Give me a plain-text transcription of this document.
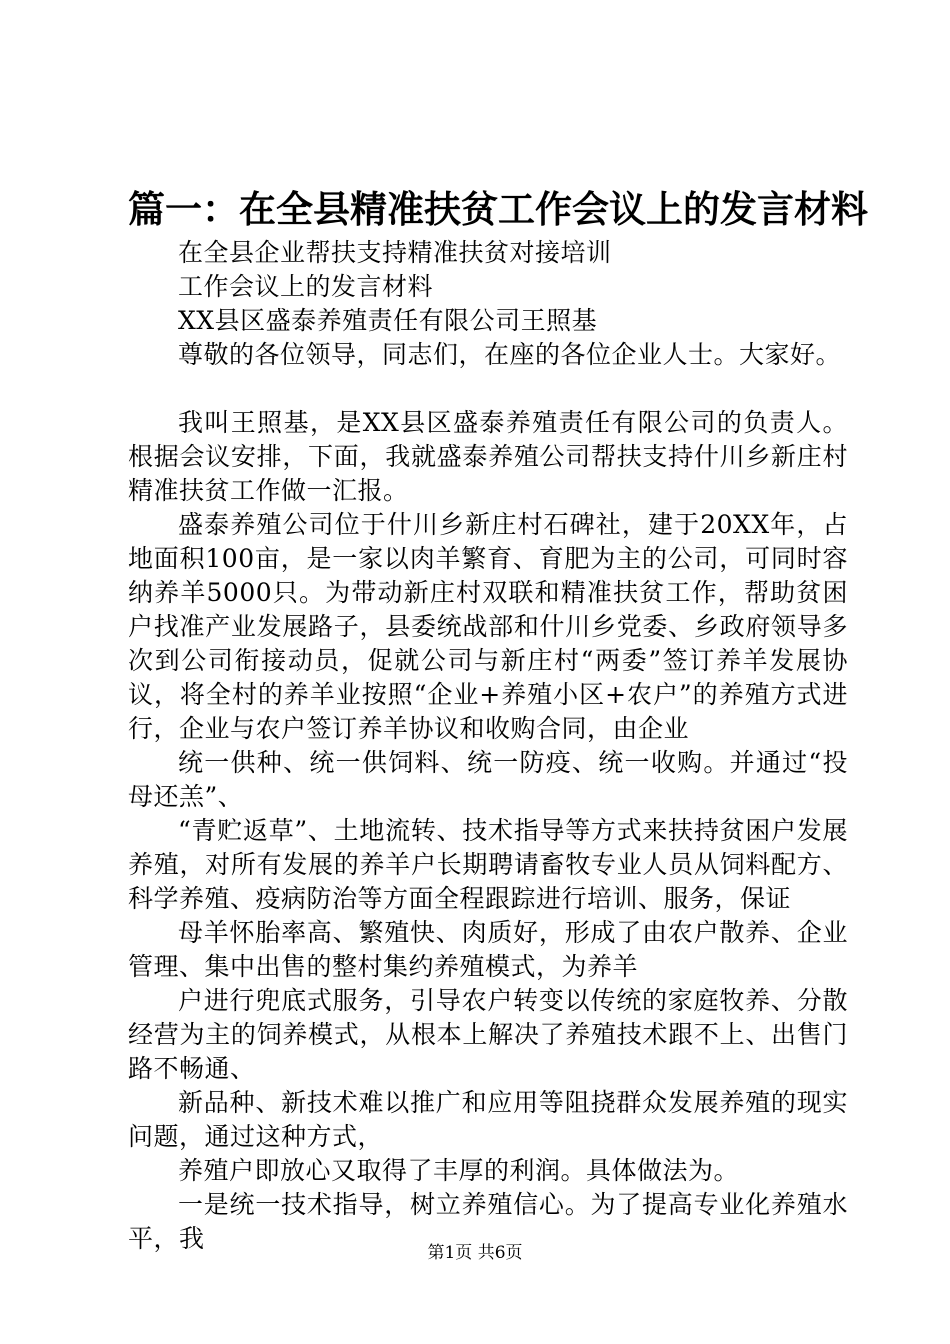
篇一：在全县精准扶贫工作会议上的发言材料

在全县企业帮扶支持精准扶贫对接培训

工作会议上的发言材料

XX县区盛泰养殖责任有限公司王照基

尊敬的各位领导，同志们，在座的各位企业人士。大家好。

我叫王照基，是XX县区盛泰养殖责任有限公司的负责人。根据会议安排，下面，我就盛泰养殖公司帮扶支持什川乡新庄村精准扶贫工作做一汇报。

盛泰养殖公司位于什川乡新庄村石碑社，建于20XX年，占地面积100亩，是一家以肉羊繁育、育肥为主的公司，可同时容纳养羊5000只。为带动新庄村双联和精准扶贫工作，帮助贫困户找准产业发展路子，县委统战部和什川乡党委、乡政府领导多次到公司衔接动员，促就公司与新庄村“两委”签订养羊发展协议，将全村的养羊业按照“企业+养殖小区+农户”的养殖方式进行，企业与农户签订养羊协议和收购合同，由企业

统一供种、统一供饲料、统一防疫、统一收购。并通过“投母还羔”、

“青贮返草”、土地流转、技术指导等方式来扶持贫困户发展养殖，对所有发展的养羊户长期聘请畜牧专业人员从饲料配方、科学养殖、疫病防治等方面全程跟踪进行培训、服务，保证

母羊怀胎率高、繁殖快、肉质好，形成了由农户散养、企业管理、集中出售的整村集约养殖模式，为养羊

户进行兜底式服务，引导农户转变以传统的家庭牧养、分散经营为主的饲养模式，从根本上解决了养殖技术跟不上、出售门路不畅通、

新品种、新技术难以推广和应用等阻挠群众发展养殖的现实问题，通过这种方式，

养殖户即放心又取得了丰厚的利润。具体做法为。

一是统一技术指导，树立养殖信心。为了提高专业化养殖水平，我	第1页 共6页
